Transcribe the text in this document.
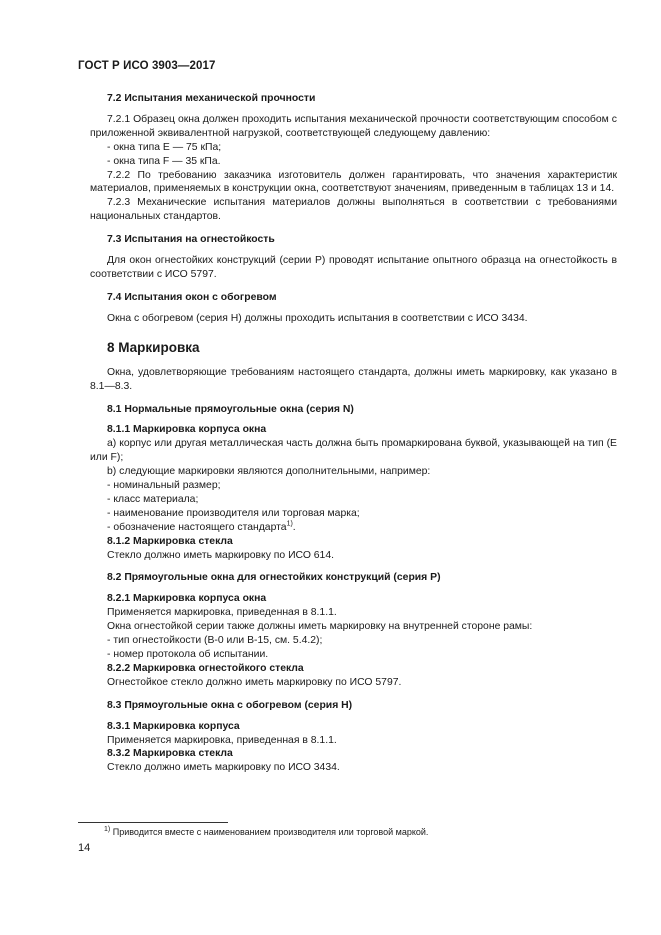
ГОСТ Р ИСО 3903—2017
7.2 Испытания механической прочности

7.2.1 Образец окна должен проходить испытания механической прочности соответствующим способом с приложенной эквивалентной нагрузкой, соответствующей следующему давлению:

- окна типа Е — 75 кПа;

- окна типа F — 35 кПа.

7.2.2 По требованию заказчика изготовитель должен гарантировать, что значения характеристик материалов, применяемых в конструкции окна, соответствуют значениям, приведенным в таблицах 13 и 14.

7.2.3 Механические испытания материалов должны выполняться в соответствии с требованиями национальных стандартов.

7.3 Испытания на огнестойкость

Для окон огнестойких конструкций (серии Р) проводят испытание опытного образца на огнестойкость в соответствии с ИСО 5797.

7.4 Испытания окон с обогревом

Окна с обогревом (серия Н) должны проходить испытания в соответствии с ИСО 3434.

8 Маркировка

Окна, удовлетворяющие требованиям настоящего стандарта, должны иметь маркировку, как указано в 8.1—8.3.

8.1 Нормальные прямоугольные окна (серия N)
8.1.1 Маркировка корпуса окна

а) корпус или другая металлическая часть должна быть промаркирована буквой, указывающей на тип (Е или F);

b) следующие маркировки являются дополнительными, например:

- номинальный размер;

- класс материала;

- наименование производителя или торговая марка;

- обозначение настоящего стандарта$^{1)}$.

8.1.2 Маркировка стекла

Стекло должно иметь маркировку по ИСО 614.

8.2 Прямоугольные окна для огнестойких конструкций (серия Р)
8.2.1 Маркировка корпуса окна

Применяется маркировка, приведенная в 8.1.1.

Окна огнестойкой серии также должны иметь маркировку на внутренней стороне рамы:

- тип огнестойкости (В-0 или В-15, см. 5.4.2);

- номер протокола об испытании.

8.2.2 Маркировка огнестойкого стекла

Огнестойкое стекло должно иметь маркировку по ИСО 5797.

8.3 Прямоугольные окна с обогревом (серия Н)
8.3.1 Маркировка корпуса

Применяется маркировка, приведенная в 8.1.1.

8.3.2 Маркировка стекла

Стекло должно иметь маркировку по ИСО 3434.

$^{1)}$ Приводится вместе с наименованием производителя или торговой маркой.
14
